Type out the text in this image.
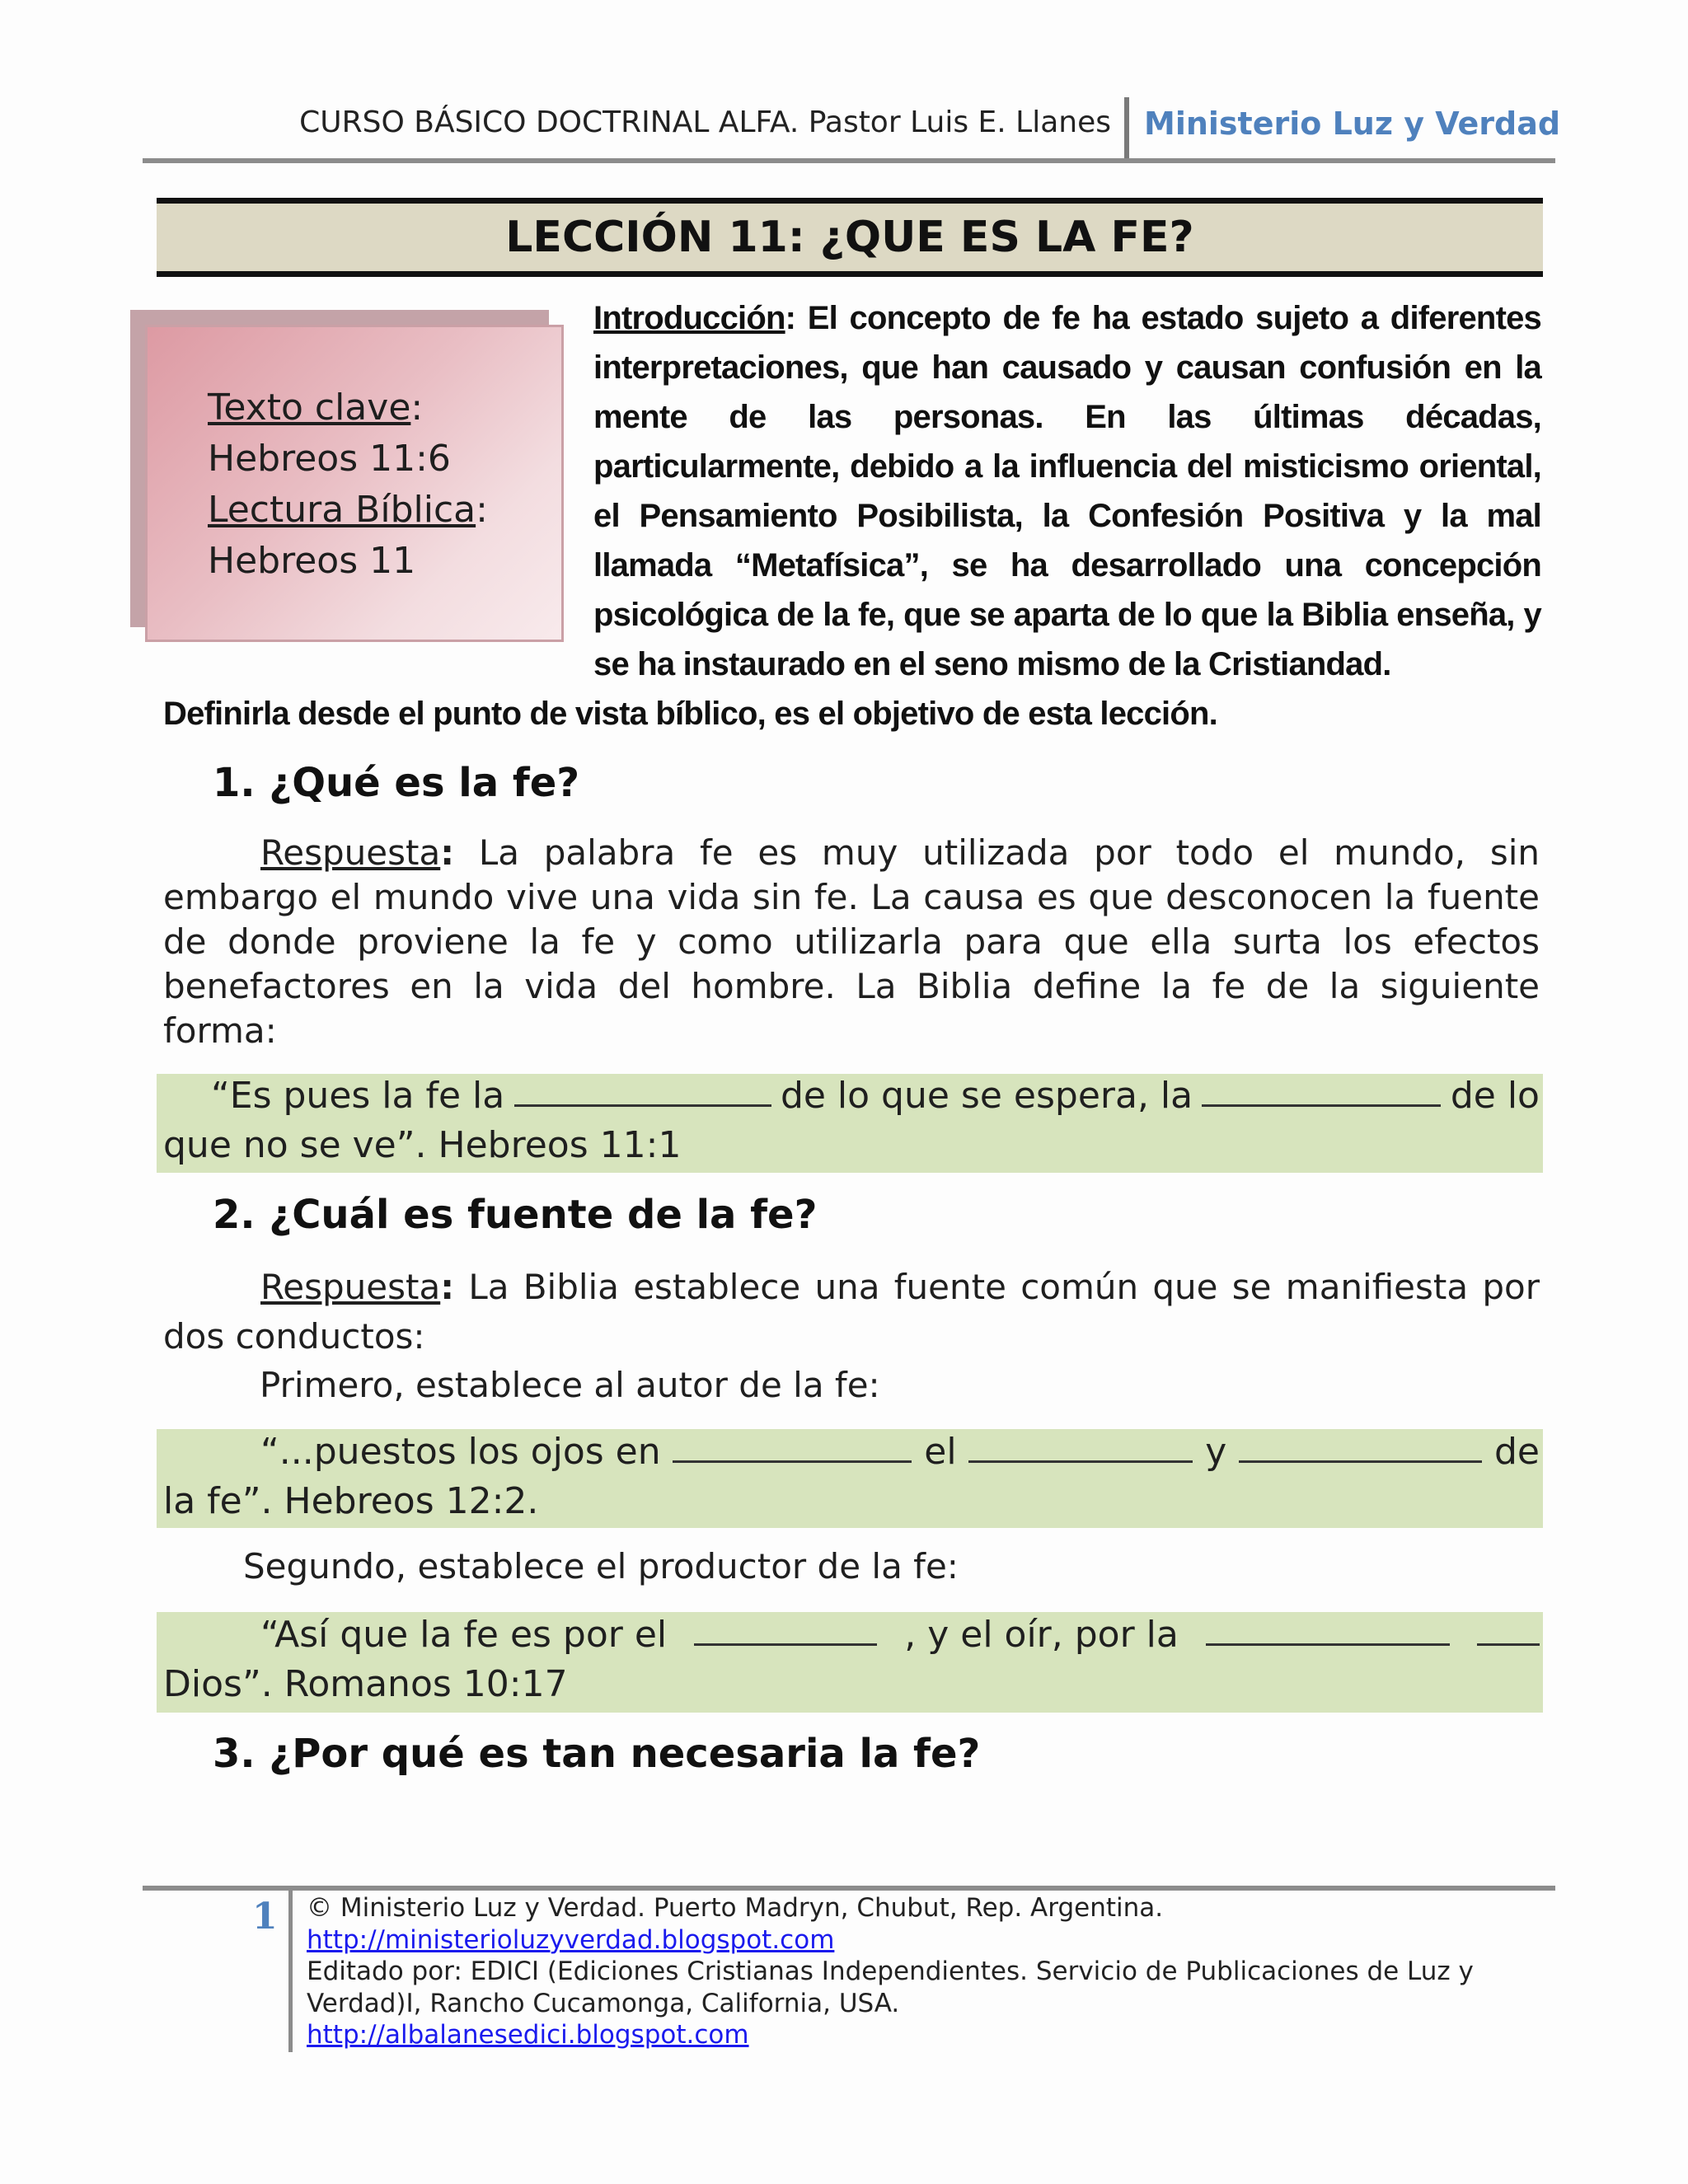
CURSO BÁSICO DOCTRINAL ALFA. Pastor Luis E. Llanes Ministerio Luz y Verdad
LECCIÓN 11: ¿QUE ES LA FE?
Texto clave:
Hebreos 11:6
Lectura Bíblica:
Hebreos 11
Introducción: El concepto de fe ha estado sujeto a diferentes interpretaciones, que han causado y causan confusión en la mente de las personas. En las últimas décadas, particularmente, debido a la influencia del misticismo oriental, el Pensamiento Posibilista, la Confesión Positiva y la mal llamada “Metafísica”, se ha desarrollado una concepción psicológica de la fe, que se aparta de lo que la Biblia enseña, y se ha instaurado en el seno mismo de la Cristiandad.
Definirla desde el punto de vista bíblico, es el objetivo de esta lección.
1. ¿Qué es la fe?
Respuesta: La palabra fe es muy utilizada por todo el mundo, sin embargo el mundo vive una vida sin fe. La causa es que desconocen la fuente de donde proviene la fe y como utilizarla para que ella surta los efectos benefactores en la vida del hombre. La Biblia define la fe de la siguiente forma:
“Es pues la fe la	de lo que se espera, la	de lo
que no se ve”. Hebreos 11:1
2. ¿Cuál es fuente de la fe?
Respuesta: La Biblia establece una fuente común que se manifiesta por dos conductos:
Primero, establece al autor de la fe:
“...puestos los ojos en	el	y	de
la fe”. Hebreos 12:2.
Segundo, establece el productor de la fe:
“Así que la fe es por el	, y el oír, por la
Dios”. Romanos 10:17
3. ¿Por qué es tan necesaria la fe?
1 © Ministerio Luz y Verdad. Puerto Madryn, Chubut, Rep. Argentina.
http://ministerioluzyverdad.blogspot.com
Editado por: EDICI (Ediciones Cristianas Independientes. Servicio de Publicaciones de Luz y
Verdad)I, Rancho Cucamonga, California, USA.
http://albalanesedici.blogspot.com
